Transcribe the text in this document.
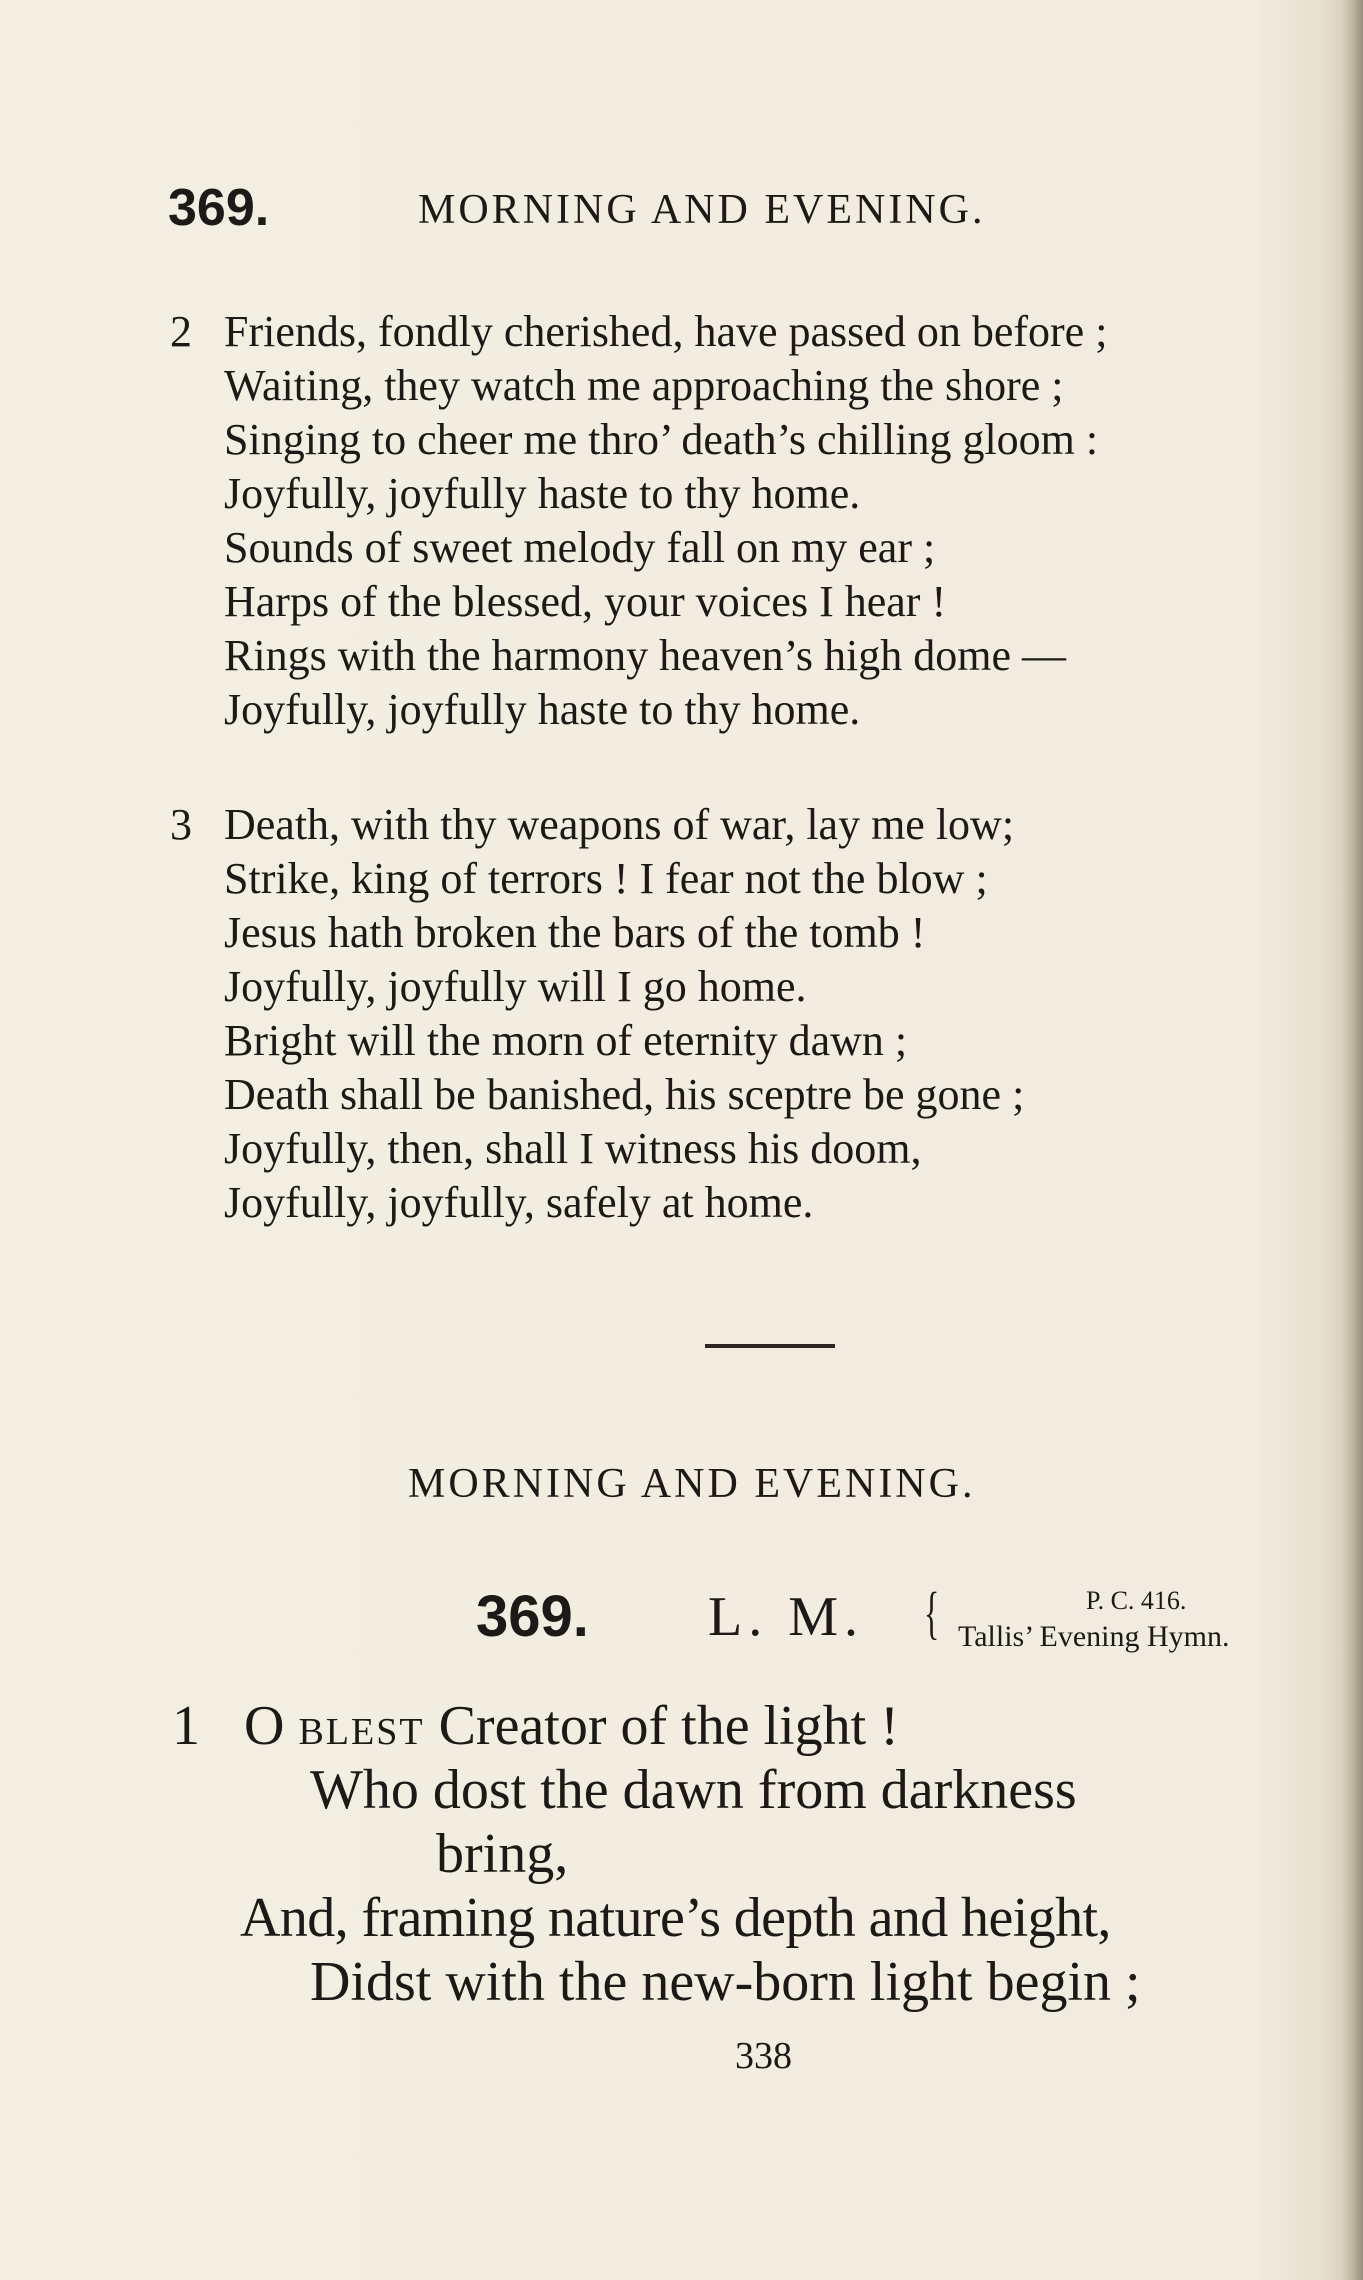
369.	MORNING AND EVENING.
2 Friends, fondly cherished, have passed on before ;
Waiting, they watch me approaching the shore ;
Singing to cheer me thro’ death’s chilling gloom :
Joyfully, joyfully haste to thy home.
Sounds of sweet melody fall on my ear ;
Harps of the blessed, your voices I hear !
Rings with the harmony heaven’s high dome —
Joyfully, joyfully haste to thy home.
3 Death, with thy weapons of war, lay me low;
Strike, king of terrors ! I fear not the blow ;
Jesus hath broken the bars of the tomb !
Joyfully, joyfully will I go home.
Bright will the morn of eternity dawn ;
Death shall be banished, his sceptre be gone ;
Joyfully, then, shall I witness his doom,
Joyfully, joyfully, safely at home.
MORNING AND EVENING.
369. L. M. {	P. C. 416.
Tallis’ Evening Hymn.
1 O BLEST Creator of the light !
Who dost the dawn from darkness
bring,
And, framing nature’s depth and height,
Didst with the new-born light begin ;
338
